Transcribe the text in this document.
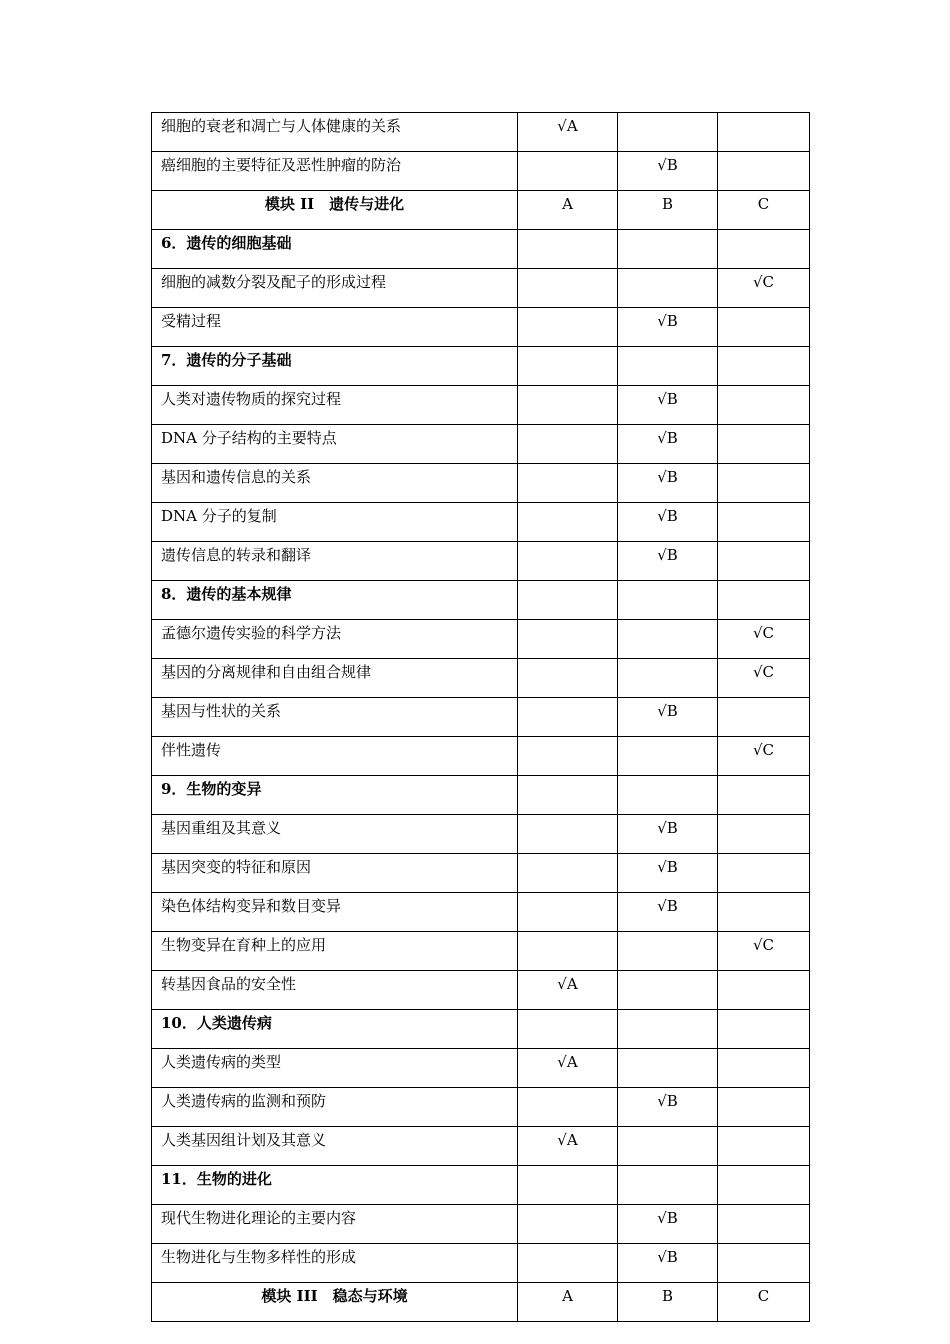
细胞的衰老和凋亡与人体健康的关系	√A		
癌细胞的主要特征及恶性肿瘤的防治		√B	
模块 II　遗传与进化	A	B	C
6．遗传的细胞基础			
细胞的减数分裂及配子的形成过程			√C
受精过程		√B	
7．遗传的分子基础			
人类对遗传物质的探究过程		√B	
DNA 分子结构的主要特点		√B	
基因和遗传信息的关系		√B	
DNA 分子的复制		√B	
遗传信息的转录和翻译		√B	
8．遗传的基本规律			
孟德尔遗传实验的科学方法			√C
基因的分离规律和自由组合规律			√C
基因与性状的关系		√B	
伴性遗传			√C
9．生物的变异			
基因重组及其意义		√B	
基因突变的特征和原因		√B	
染色体结构变异和数目变异		√B	
生物变异在育种上的应用			√C
转基因食品的安全性	√A		
10．人类遗传病			
人类遗传病的类型	√A		
人类遗传病的监测和预防		√B	
人类基因组计划及其意义	√A		
11．生物的进化			
现代生物进化理论的主要内容		√B	
生物进化与生物多样性的形成		√B	
模块 III　稳态与环境	A	B	C
